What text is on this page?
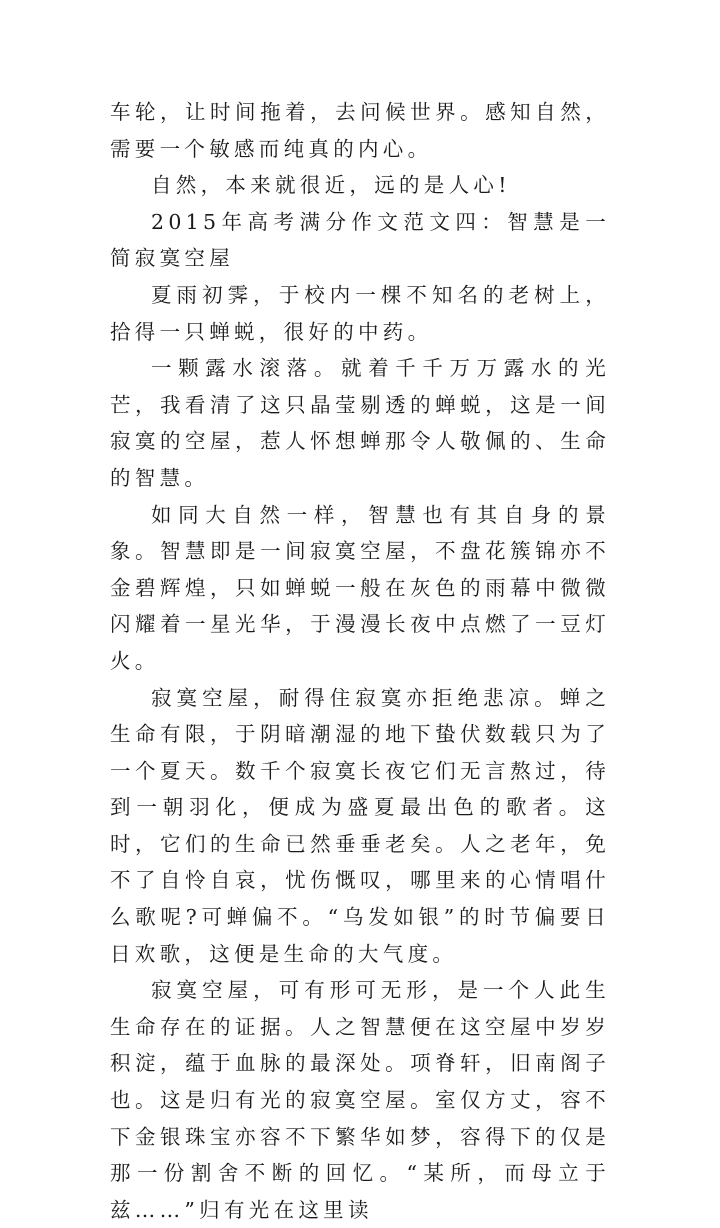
车轮，让时间拖着，去问候世界。感知自然，需要一个敏感而纯真的内心。

自然，本来就很近，远的是人心!

2015年高考满分作文范文四：智慧是一简寂寞空屋

夏雨初霁，于校内一棵不知名的老树上，拾得一只蝉蜕，很好的中药。

一颗露水滚落。就着千千万万露水的光芒，我看清了这只晶莹剔透的蝉蜕，这是一间寂寞的空屋，惹人怀想蝉那令人敬佩的、生命的智慧。

如同大自然一样，智慧也有其自身的景象。智慧即是一间寂寞空屋，不盘花簇锦亦不金碧辉煌，只如蝉蜕一般在灰色的雨幕中微微闪耀着一星光华，于漫漫长夜中点燃了一豆灯火。

寂寞空屋，耐得住寂寞亦拒绝悲凉。蝉之生命有限，于阴暗潮湿的地下蛰伏数载只为了一个夏天。数千个寂寞长夜它们无言熬过，待到一朝羽化，便成为盛夏最出色的歌者。这时，它们的生命已然垂垂老矣。人之老年，免不了自怜自哀，忧伤慨叹，哪里来的心情唱什么歌呢?可蝉偏不。“乌发如银”的时节偏要日日欢歌，这便是生命的大气度。

寂寞空屋，可有形可无形，是一个人此生生命存在的证据。人之智慧便在这空屋中岁岁积淀，蕴于血脉的最深处。项脊轩，旧南阁子也。这是归有光的寂寞空屋。室仅方丈，容不下金银珠宝亦容不下繁华如梦，容得下的仅是那一份割舍不断的回忆。“某所，而母立于兹……”归有光在这里读
